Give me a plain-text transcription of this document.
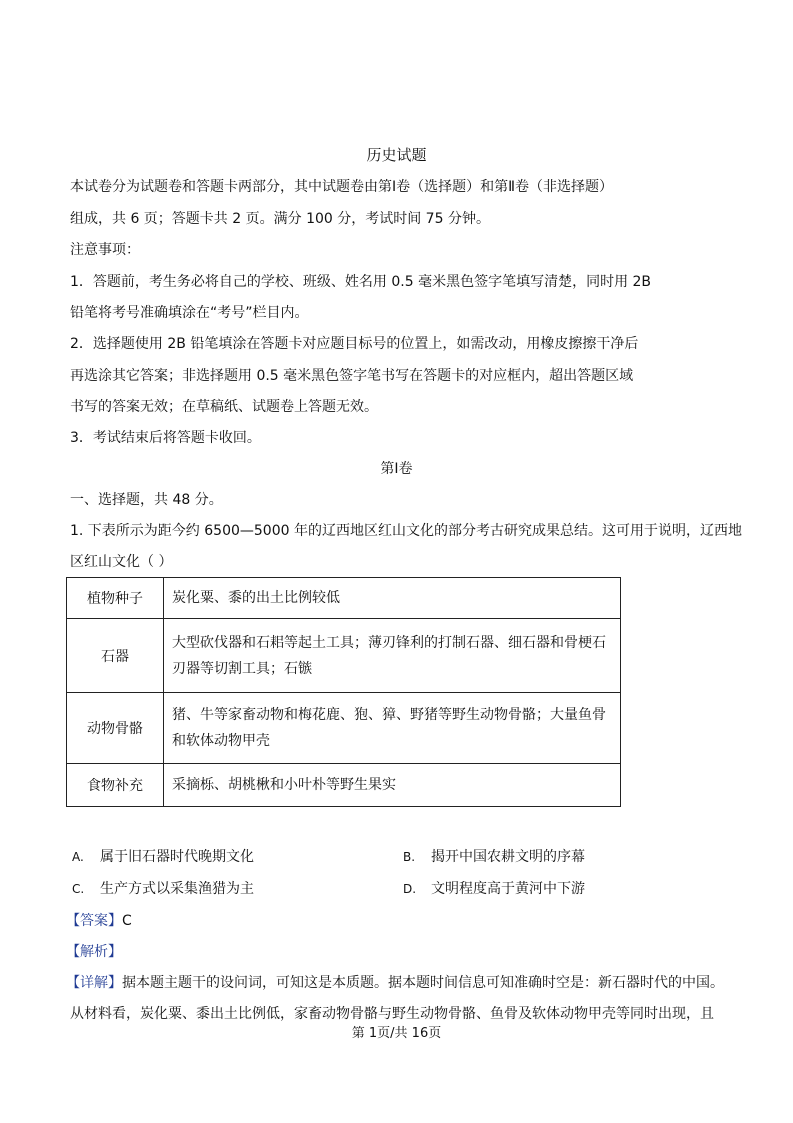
历史试题
本试卷分为试题卷和答题卡两部分，其中试题卷由第Ⅰ卷（选择题）和第Ⅱ卷（非选择题）
组成，共 6 页；答题卡共 2 页。满分 100 分，考试时间 75 分钟。
注意事项：
1．答题前，考生务必将自己的学校、班级、姓名用 0.5 毫米黑色签字笔填写清楚，同时用 2B
铅笔将考号准确填涂在“考号”栏目内。
2．选择题使用 2B 铅笔填涂在答题卡对应题目标号的位置上，如需改动，用橡皮擦擦干净后
再选涂其它答案；非选择题用 0.5 毫米黑色签字笔书写在答题卡的对应框内，超出答题区域
书写的答案无效；在草稿纸、试题卷上答题无效。
3．考试结束后将答题卡收回。
第Ⅰ卷
一、选择题，共 48 分。
1. 下表所示为距今约 6500—5000 年的辽西地区红山文化的部分考古研究成果总结。这可用于说明，辽西地
区红山文化（ ）
植物种子	炭化粟、黍的出土比例较低
石器	大型砍伐器和石耜等起土工具；薄刃锋利的打制石器、细石器和骨梗石刃器等切割工具；石镞
动物骨骼	猪、牛等家畜动物和梅花鹿、狍、獐、野猪等野生动物骨骼；大量鱼骨和软体动物甲壳
食物补充	采摘栎、胡桃楸和小叶朴等野生果实
A. 属于旧石器时代晚期文化	B. 揭开中国农耕文明的序幕
C. 生产方式以采集渔猎为主	D. 文明程度高于黄河中下游
【答案】C
【解析】
【详解】据本题主题干的设问词，可知这是本质题。据本题时间信息可知准确时空是：新石器时代的中国。
从材料看，炭化粟、黍出土比例低，家畜动物骨骼与野生动物骨骼、鱼骨及软体动物甲壳等同时出现，且
第 1页/共 16页
